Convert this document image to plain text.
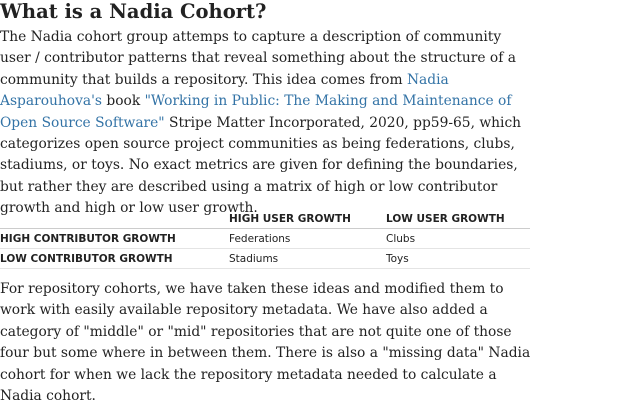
What is a Nadia Cohort?

The Nadia cohort group attemps to capture a description of community user / contributor patterns that reveal something about the structure of a community that builds a repository. This idea comes from Nadia Asparouhova's book "Working in Public: The Making and Maintenance of Open Source Software" Stripe Matter Incorporated, 2020, pp59-65, which categorizes open source project communities as being federations, clubs, stadiums, or toys. No exact metrics are given for defining the boundaries, but rather they are described using a matrix of high or low contributor growth and high or low user growth.

	HIGH USER GROWTH	LOW USER GROWTH
HIGH CONTRIBUTOR GROWTH	Federations	Clubs
LOW CONTRIBUTOR GROWTH	Stadiums	Toys

For repository cohorts, we have taken these ideas and modified them to work with easily available repository metadata. We have also added a category of "middle" or "mid" repositories that are not quite one of those four but some where in between them. There is also a "missing data" Nadia cohort for when we lack the repository metadata needed to calculate a Nadia cohort.
